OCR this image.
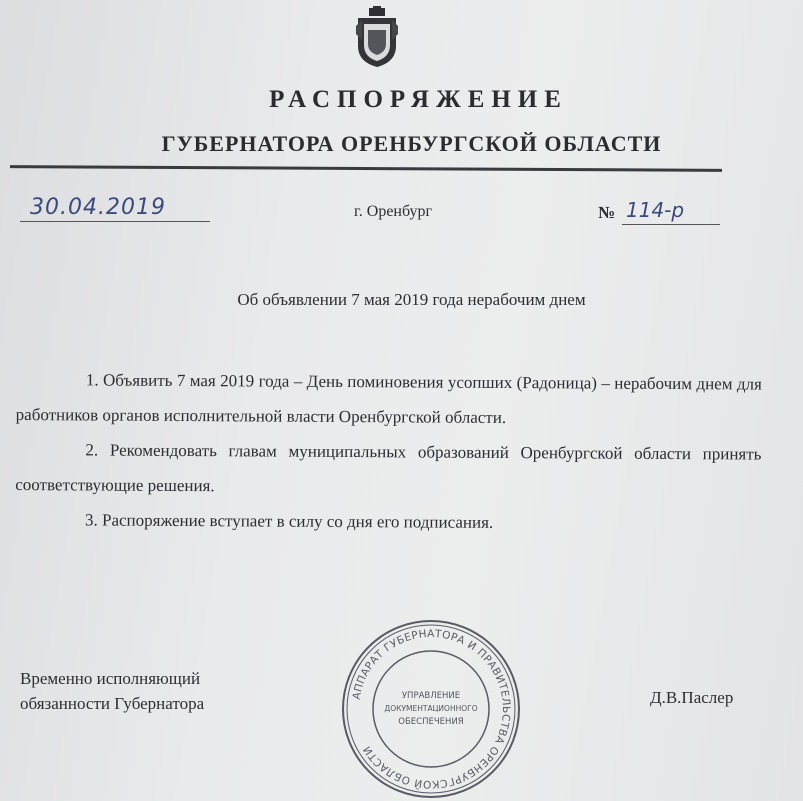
РАСПОРЯЖЕНИЕ
ГУБЕРНАТОРА ОРЕНБУРГСКОЙ ОБЛАСТИ
30.04.2019	г. Оренбург	№ 114-р
Об объявлении 7 мая 2019 года нерабочим днем

1. Объявить 7 мая 2019 года – День поминовения усопших (Радоница) – нерабочим днем для работников органов исполнительной власти Оренбургской области.

2. Рекомендовать главам муниципальных образований Оренбургской области принять соответствующие решения.

3. Распоряжение вступает в силу со дня его подписания.

Временно исполняющий
обязанности Губернатора	Д.В.Паслер
АППАРАТ ГУБЕРНАТОРА И ПРАВИТЕЛЬСТВА ОРЕНБУРГСКОЙ ОБЛАСТИ
УПРАВЛЕНИЕ
ДОКУМЕНТАЦИОННОГО
ОБЕСПЕЧЕНИЯ
